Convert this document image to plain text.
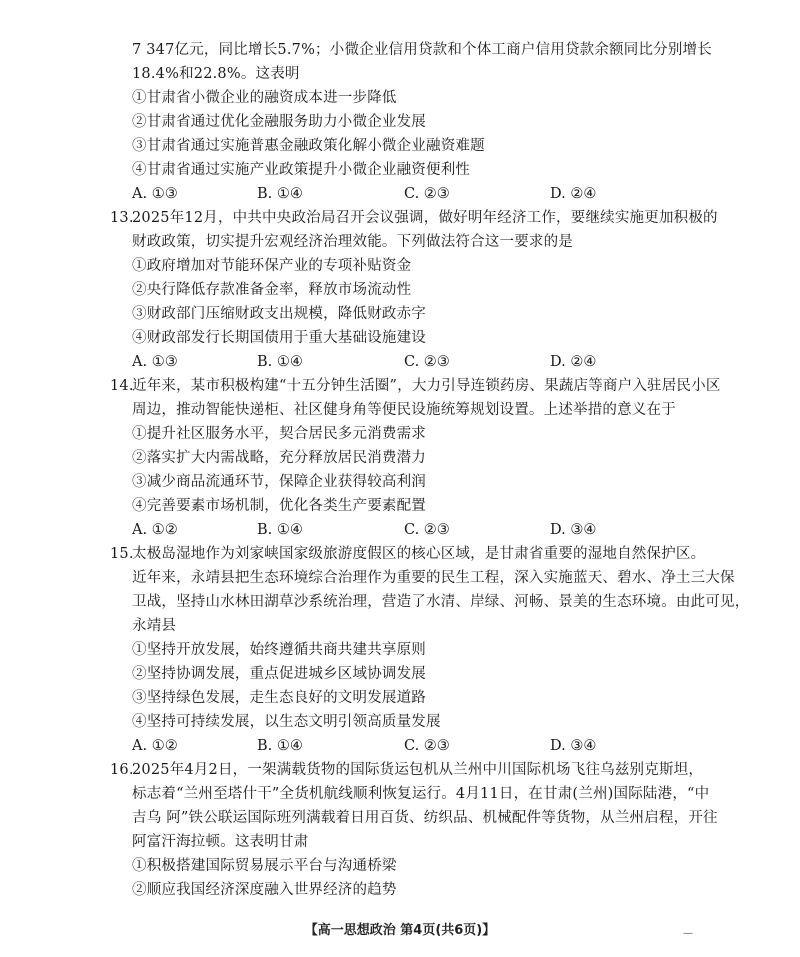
7 347亿元，同比增长5.7%；小微企业信用贷款和个体工商户信用贷款余额同比分别增长
18.4%和22.8%。这表明
①甘肃省小微企业的融资成本进一步降低
②甘肃省通过优化金融服务助力小微企业发展
③甘肃省通过实施普惠金融政策化解小微企业融资难题
④甘肃省通过实施产业政策提升小微企业融资便利性
A. ①③	B. ①④	C. ②③	D. ②④
13.
2025年12月，中共中央政治局召开会议强调，做好明年经济工作，要继续实施更加积极的
财政政策，切实提升宏观经济治理效能。下列做法符合这一要求的是
①政府增加对节能环保产业的专项补贴资金
②央行降低存款准备金率，释放市场流动性
③财政部门压缩财政支出规模，降低财政赤字
④财政部发行长期国债用于重大基础设施建设
A. ①③	B. ①④	C. ②③	D. ②④
14.
近年来，某市积极构建“十五分钟生活圈”，大力引导连锁药房、果蔬店等商户入驻居民小区
周边，推动智能快递柜、社区健身角等便民设施统筹规划设置。上述举措的意义在于
①提升社区服务水平，契合居民多元消费需求
②落实扩大内需战略，充分释放居民消费潜力
③减少商品流通环节，保障企业获得较高利润
④完善要素市场机制，优化各类生产要素配置
A. ①②	B. ①④	C. ②③	D. ③④
15.
太极岛湿地作为刘家峡国家级旅游度假区的核心区域，是甘肃省重要的湿地自然保护区。
近年来，永靖县把生态环境综合治理作为重要的民生工程，深入实施蓝天、碧水、净土三大保
卫战，坚持山水林田湖草沙系统治理，营造了水清、岸绿、河畅、景美的生态环境。由此可见，
永靖县
①坚持开放发展，始终遵循共商共建共享原则
②坚持协调发展，重点促进城乡区域协调发展
③坚持绿色发展，走生态良好的文明发展道路
④坚持可持续发展，以生态文明引领高质量发展
A. ①②	B. ①④	C. ②③	D. ③④
16.
2025年4月2日，一架满载货物的国际货运包机从兰州中川国际机场飞往乌兹别克斯坦，
标志着“兰州至塔什干”全货机航线顺利恢复运行。4月11日，在甘肃(兰州)国际陆港，“中
吉乌 阿”铁公联运国际班列满载着日用百货、纺织品、机械配件等货物，从兰州启程，开往
阿富汗海拉顿。这表明甘肃
①积极搭建国际贸易展示平台与沟通桥梁
②顺应我国经济深度融入世界经济的趋势
【高一思想政治 第4页(共6页)】	—
